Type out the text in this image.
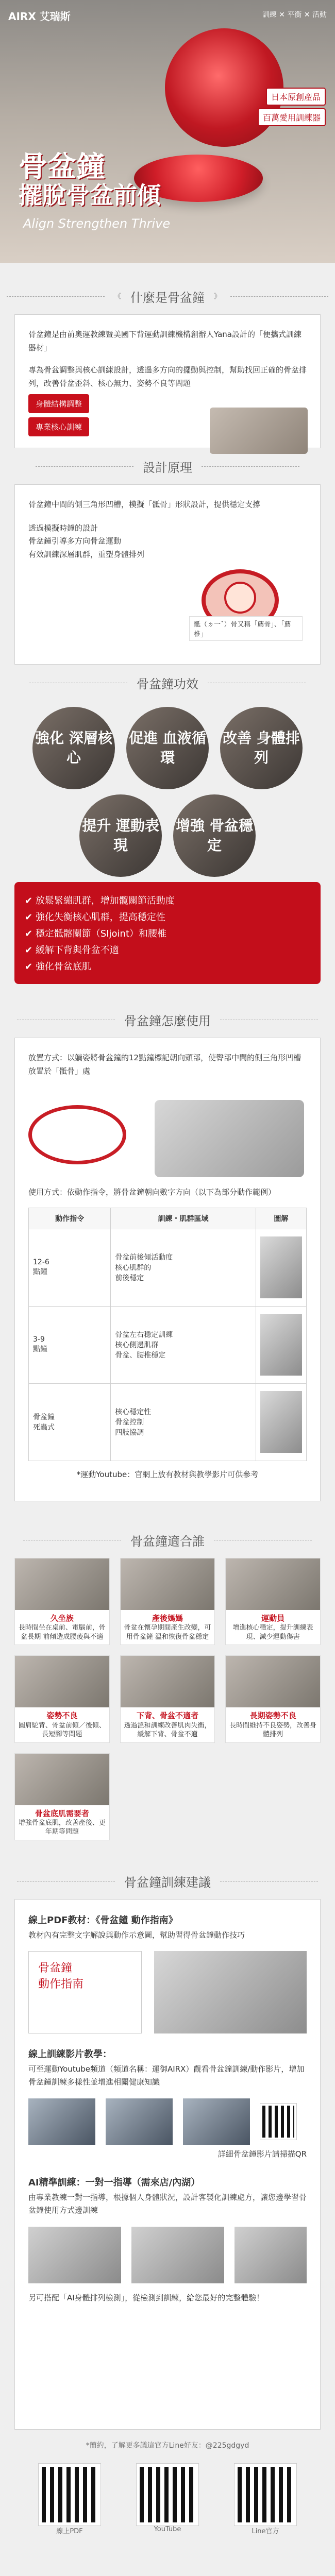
AIRX 艾瑞斯	訓練 ✕ 平衡 ✕ 活動
日本原創產品
百萬愛用訓練器
骨盆鐘
擺脫骨盆前傾
Align Strengthen Thrive
《 什麼是骨盆鐘 》

骨盆鐘是由前奧運教練暨美國下背運動訓練機構創辦人Yana設計的「便攜式訓練器材」

專為骨盆調整與核心訓練設計，透過多方向的擺動與控制，幫助找回正確的骨盆排列，改善骨盆歪斜、核心無力、姿勢不良等問題

身體結構調整
專業核心訓練
設計原理

骨盆鐘中間的側三角形凹槽，模擬「骶骨」形狀設計，提供穩定支撐

透過模擬時鐘的設計

骨盆鐘引導多方向骨盆運動

有效訓練深層肌群，重塑身體排列

骶（ㄉ一ˇ）骨又稱「薦骨」、「薦椎」
骨盆鐘功效
強化 深層核心
促進 血液循環
改善 身體排列
提升 運動表現
增強 骨盆穩定
✔ 放鬆緊繃肌群，增加髖關節活動度
✔ 強化失衡核心肌群，提高穩定性
✔ 穩定骶髂關節（SIjoint）和腰椎
✔ 緩解下背與骨盆不適
✔ 強化骨盆底肌
骨盆鐘怎麼使用

放置方式：以躺姿將骨盆鐘的12點鐘標記朝向頭部，使臀部中間的側三角形凹槽放置於「骶骨」處

使用方式：依動作指令，將骨盆鐘朝向數字方向（以下為部分動作範例）

動作指令	訓練・肌群區域	圖解
12-6
點鐘	骨盆前後傾活動度
核心肌群的
前後穩定	

3-9
點鐘	骨盆左右穩定訓練
核心側邊肌群
骨盆、腰椎穩定	

骨盆鐘
死蟲式	核心穩定性
骨盆控制
四肢協調	

*運動Youtube：官網上放有教材與教學影片可供參考

骨盆鐘適合誰
久坐族
長時間坐在桌前、電腦前，骨盆長期 前傾造成腰痠與不適
產後媽媽
骨盆在懷孕期間產生改變，可用骨盆鐘 溫和恢復骨盆穩定
運動員
增進核心穩定，提升訓練表現、減少運動傷害
姿勢不良
圓肩駝背、骨盆前傾／後傾、長短腳等問題
下背、骨盆不適者
透過溫和訓練改善肌肉失衡，緩解下背、骨盆不適
長期姿勢不良
長時間維持不良姿勢，改善身體排列
骨盆底肌需要者
增強骨盆底肌，改善產後、更年期等問題
骨盆鐘訓練建議

線上PDF教材：《骨盆鐘 動作指南》

教材內有完整文字解說與動作示意圖，幫助習得骨盆鐘動作技巧

骨盆鐘
動作指南

線上訓練影片教學：

可至運動Youtube頻道（頻道名稱：運御AIRX）觀看骨盆鐘訓練/動作影片，增加骨盆鐘訓練多樣性並增進相關健康知識

詳細骨盆鐘影片請掃描QR

AI精準訓練：一對一指導（需來店/內湖）

由專業教練一對一指導，根據個人身體狀況，設計客製化訓練處方，讓您邊學習骨盆鐘使用方式邊訓練

另可搭配「AI身體排列檢測」，從檢測到訓練，給您最好的完整體驗！

*簡約，了解更多議這官方Line好友：@225gdgyd

線上PDF	YouTube	Line官方
